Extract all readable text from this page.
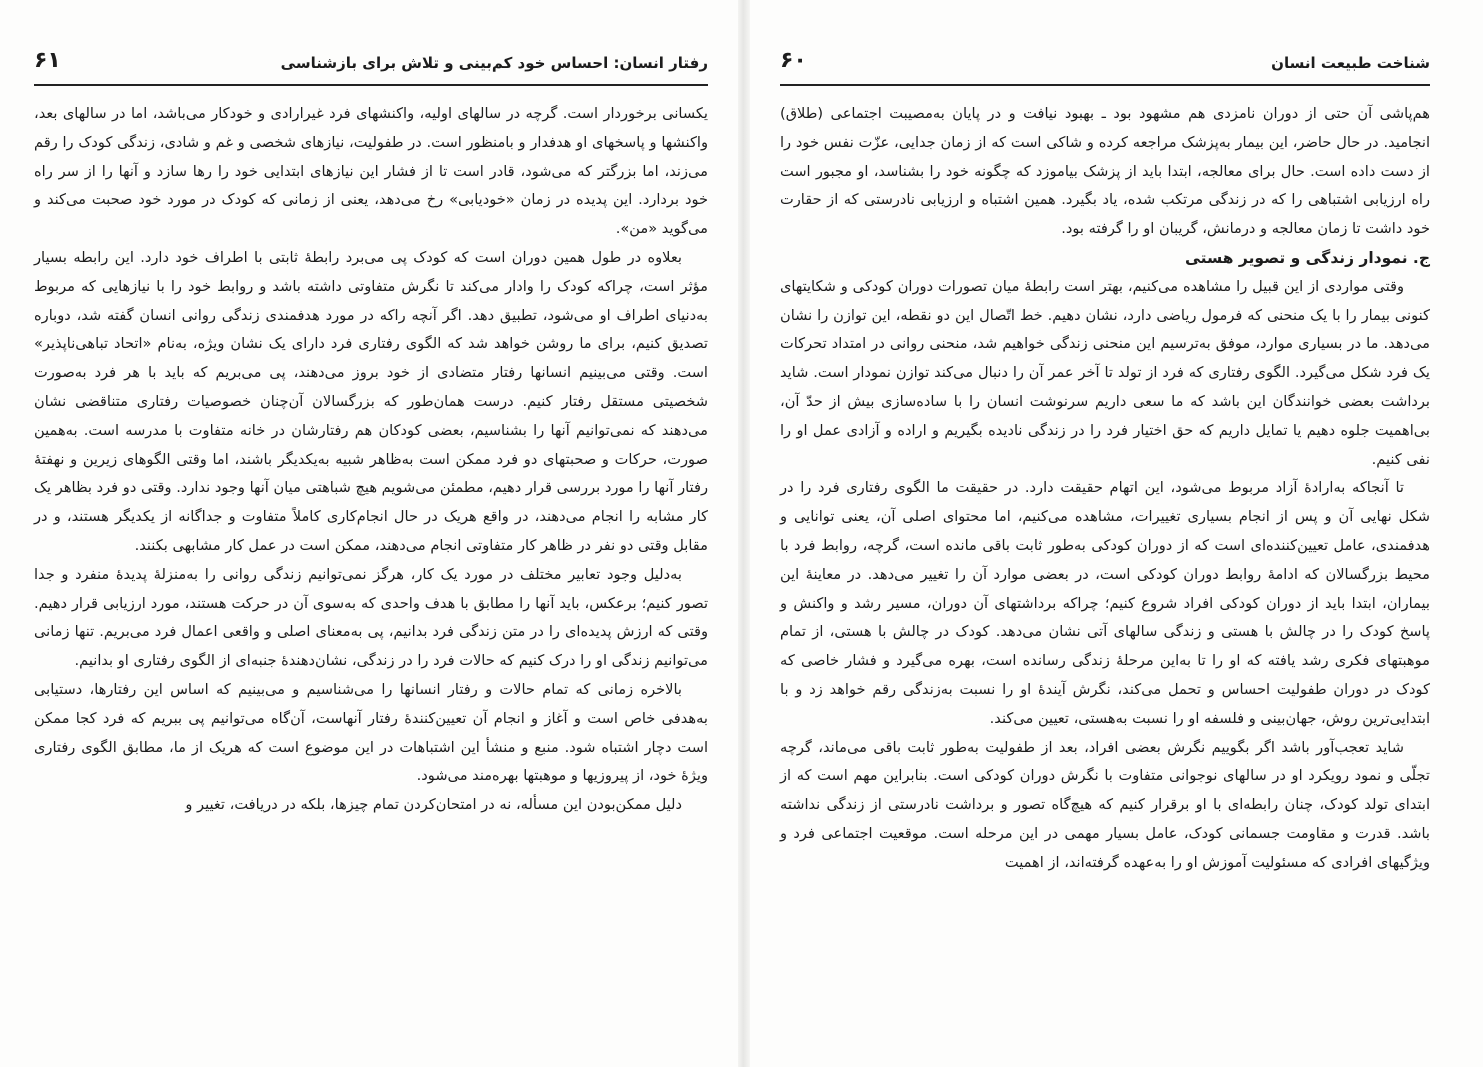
رفتار انسان: احساس خود کم‌بینی و تلاش برای بازشناسی
۶۱

یکسانی برخوردار است. گرچه در سالهای اولیه، واکنشهای فرد غیرارادی و خودکار می‌باشد، اما در سالهای بعد، واکنشها و پاسخهای او هدفدار و بامنظور است. در طفولیت، نیازهای شخصی و غم و شادی، زندگی کودک را رقم می‌زند، اما بزرگتر که می‌شود، قادر است تا از فشار این نیازهای ابتدایی خود را رها سازد و آنها را از سر راه خود بردارد. این پدیده در زمان «خودیابی» رخ می‌دهد، یعنی از زمانی که کودک در مورد خود صحبت می‌کند و می‌گوید «من».

بعلاوه در طول همین دوران است که کودک پی می‌برد رابطهٔ ثابتی با اطراف خود دارد. این رابطه بسیار مؤثر است، چراکه کودک را وادار می‌کند تا نگرش متفاوتی داشته باشد و روابط خود را با نیازهایی که مربوط به‌دنیای اطراف او می‌شود، تطبیق دهد. اگر آنچه راکه در مورد هدفمندی زندگی روانی انسان گفته شد، دوباره تصدیق کنیم، برای ما روشن خواهد شد که الگوی رفتاری فرد دارای یک نشان ویژه، به‌نام «اتحاد تباهی‌ناپذیر» است. وقتی می‌بینیم انسانها رفتار متضادی از خود بروز می‌دهند، پی می‌بریم که باید با هر فرد به‌صورت شخصیتی مستقل رفتار کنیم. درست همان‌طور که بزرگسالان آن‌چنان خصوصیات رفتاری متناقضی نشان می‌دهند که نمی‌توانیم آنها را بشناسیم، بعضی کودکان هم رفتارشان در خانه متفاوت با مدرسه است. به‌همین صورت، حرکات و صحبتهای دو فرد ممکن است به‌ظاهر شبیه به‌یکدیگر باشند، اما وقتی الگوهای زیرین و نهفتهٔ رفتار آنها را مورد بررسی قرار دهیم، مطمئن می‌شویم هیچ شباهتی میان آنها وجود ندارد. وقتی دو فرد بظاهر یک کار مشابه را انجام می‌دهند، در واقع هریک در حال انجام‌کاری کاملاً متفاوت و جداگانه از یکدیگر هستند، و در مقابل وقتی دو نفر در ظاهر کار متفاوتی انجام می‌دهند، ممکن است در عمل کار مشابهی بکنند.

به‌دلیل وجود تعابیر مختلف در مورد یک کار، هرگز نمی‌توانیم زندگی روانی را به‌منزلهٔ پدیدهٔ منفرد و جدا تصور کنیم؛ برعکس، باید آنها را مطابق با هدف واحدی که به‌سوی آن در حرکت هستند، مورد ارزیابی قرار دهیم. وقتی که ارزش پدیده‌ای را در متن زندگی فرد بدانیم، پی به‌معنای اصلی و واقعی اعمال فرد می‌بریم. تنها زمانی می‌توانیم زندگی او را درک کنیم که حالات فرد را در زندگی، نشان‌دهندهٔ جنبه‌ای از الگوی رفتاری او بدانیم.

بالاخره زمانی که تمام حالات و رفتار انسانها را می‌شناسیم و می‌بینیم که اساس این رفتارها، دستیابی به‌هدفی خاص است و آغاز و انجام آن تعیین‌کنندهٔ رفتار آنهاست، آن‌گاه می‌توانیم پی ببریم که فرد کجا ممکن است دچار اشتباه شود. منبع و منشأ این اشتباهات در این موضوع است که هریک از ما، مطابق الگوی رفتاری ویژهٔ خود، از پیروزیها و موهبتها بهره‌مند می‌شود.

دلیل ممکن‌بودن این مسأله، نه در امتحان‌کردن تمام چیزها، بلکه در دریافت، تغییر و

شناخت طبیعت انسان
۶۰

هم‌پاشی آن حتی از دوران نامزدی هم مشهود بود ـ بهبود نیافت و در پایان به‌مصیبت اجتماعی (طلاق) انجامید. در حال حاضر، این بیمار به‌پزشک مراجعه کرده و شاکی است که از زمان جدایی، عزّت نفس خود را از دست داده است. حال برای معالجه، ابتدا باید از پزشک بیاموزد که چگونه خود را بشناسد، او مجبور است راه ارزیابی اشتباهی را که در زندگی مرتکب شده، یاد بگیرد. همین اشتباه و ارزیابی نادرستی که از حقارت خود داشت تا زمان معالجه و درمانش، گریبان او را گرفته بود.

ج. نمودار زندگی و تصویر هستی

وقتی مواردی از این قبیل را مشاهده می‌کنیم، بهتر است رابطهٔ میان تصورات دوران کودکی و شکایتهای کنونی بیمار را با یک منحنی که فرمول ریاضی دارد، نشان دهیم. خط اتّصال این دو نقطه، این توازن را نشان می‌دهد. ما در بسیاری موارد، موفق به‌ترسیم این منحنی زندگی خواهیم شد، منحنی روانی در امتداد تحرکات یک فرد شکل می‌گیرد. الگوی رفتاری که فرد از تولد تا آخر عمر آن را دنبال می‌کند توازن نمودار است. شاید برداشت بعضی خوانندگان این باشد که ما سعی داریم سرنوشت انسان را با ساده‌سازی بیش از حدّ آن، بی‌اهمیت جلوه دهیم یا تمایل داریم که حق اختیار فرد را در زندگی نادیده بگیریم و اراده و آزادی عمل او را نفی کنیم.

تا آنجاکه به‌ارادهٔ آزاد مربوط می‌شود، این اتهام حقیقت دارد. در حقیقت ما الگوی رفتاری فرد را در شکل نهایی آن و پس از انجام بسیاری تغییرات، مشاهده می‌کنیم، اما محتوای اصلی آن، یعنی توانایی و هدفمندی، عامل تعیین‌کننده‌ای است که از دوران کودکی به‌طور ثابت باقی مانده است، گرچه، روابط فرد با محیط بزرگسالان که ادامهٔ روابط دوران کودکی است، در بعضی موارد آن را تغییر می‌دهد. در معاینهٔ این بیماران، ابتدا باید از دوران کودکی افراد شروع کنیم؛ چراکه برداشتهای آن دوران، مسیر رشد و واکنش و پاسخ کودک را در چالش با هستی و زندگی سالهای آتی نشان می‌دهد. کودک در چالش با هستی، از تمام موهبتهای فکری رشد یافته که او را تا به‌این مرحلهٔ زندگی رسانده است، بهره می‌گیرد و فشار خاصی که کودک در دوران طفولیت احساس و تحمل می‌کند، نگرش آیندهٔ او را نسبت به‌زندگی رقم خواهد زد و با ابتدایی‌ترین روش، جهان‌بینی و فلسفه او را نسبت به‌هستی، تعیین می‌کند.

شاید تعجب‌آور باشد اگر بگوییم نگرش بعضی افراد، بعد از طفولیت به‌طور ثابت باقی می‌ماند، گرچه تجلّی و نمود رویکرد او در سالهای نوجوانی متفاوت با نگرش دوران کودکی است. بنابراین مهم است که از ابتدای تولد کودک، چنان رابطه‌ای با او برقرار کنیم که هیچ‌گاه تصور و برداشت نادرستی از زندگی نداشته باشد. قدرت و مقاومت جسمانی کودک، عامل بسیار مهمی در این مرحله است. موقعیت اجتماعی فرد و ویژگیهای افرادی که مسئولیت آموزش او را به‌عهده گرفته‌اند، از اهمیت
